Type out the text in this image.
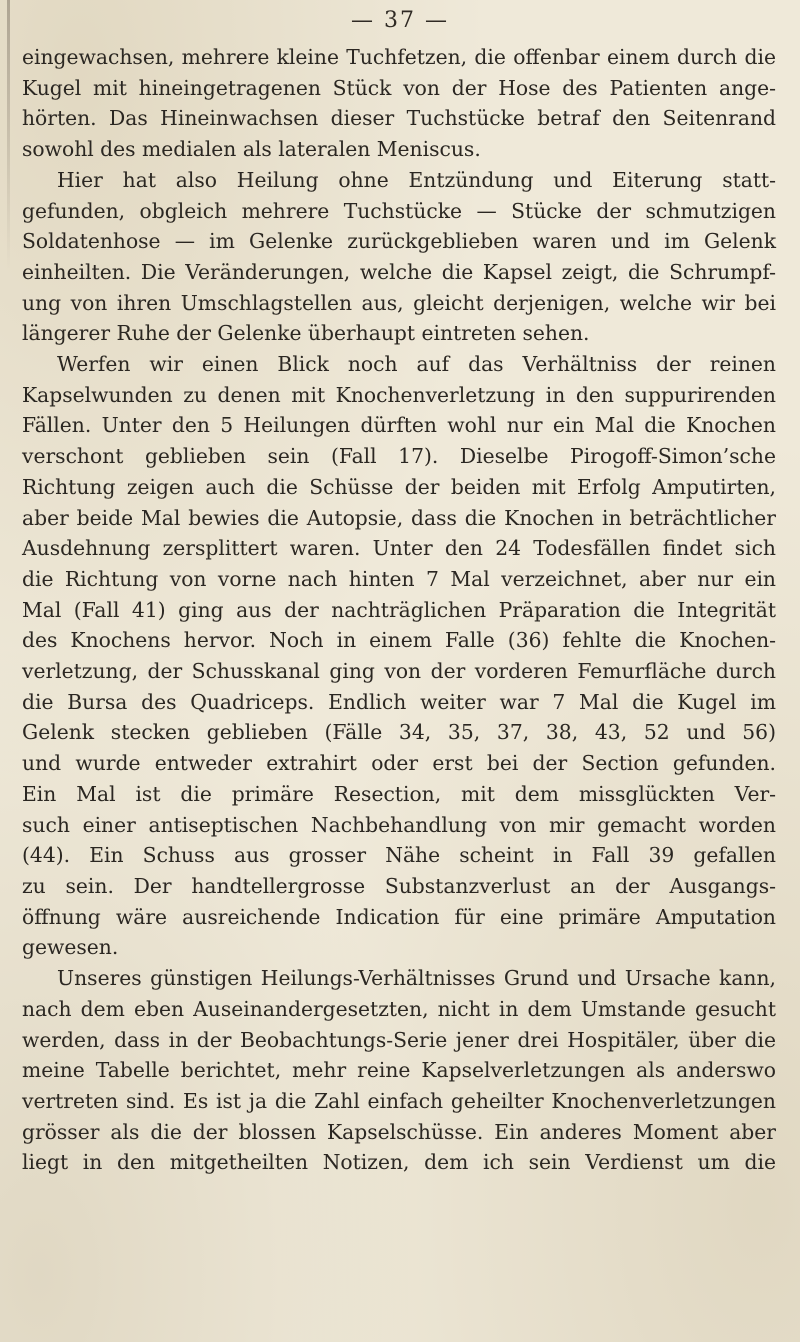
— 37 —

eingewachsen, mehrere kleine Tuchfetzen, die offenbar einem durch die
Kugel mit hineingetragenen Stück von der Hose des Patienten ange-
hörten. Das Hineinwachsen dieser Tuchstücke betraf den Seitenrand
sowohl des medialen als lateralen Meniscus.

Hier hat also Heilung ohne Entzündung und Eiterung statt-
gefunden, obgleich mehrere Tuchstücke — Stücke der schmutzigen
Soldatenhose — im Gelenke zurückgeblieben waren und im Gelenk
einheilten. Die Veränderungen, welche die Kapsel zeigt, die Schrumpf-
ung von ihren Umschlagstellen aus, gleicht derjenigen, welche wir bei
längerer Ruhe der Gelenke überhaupt eintreten sehen.

Werfen wir einen Blick noch auf das Verhältniss der reinen
Kapselwunden zu denen mit Knochenverletzung in den suppurirenden
Fällen. Unter den 5 Heilungen dürften wohl nur ein Mal die Knochen
verschont geblieben sein (Fall 17). Dieselbe Pirogoff-Simon’sche
Richtung zeigen auch die Schüsse der beiden mit Erfolg Amputirten,
aber beide Mal bewies die Autopsie, dass die Knochen in beträchtlicher
Ausdehnung zersplittert waren. Unter den 24 Todesfällen findet sich
die Richtung von vorne nach hinten 7 Mal verzeichnet, aber nur ein
Mal (Fall 41) ging aus der nachträglichen Präparation die Integrität
des Knochens hervor. Noch in einem Falle (36) fehlte die Knochen-
verletzung, der Schusskanal ging von der vorderen Femurfläche durch
die Bursa des Quadriceps. Endlich weiter war 7 Mal die Kugel im
Gelenk stecken geblieben (Fälle 34, 35, 37, 38, 43, 52 und 56)
und wurde entweder extrahirt oder erst bei der Section gefunden.
Ein Mal ist die primäre Resection, mit dem missglückten Ver-
such einer antiseptischen Nachbehandlung von mir gemacht worden
(44). Ein Schuss aus grosser Nähe scheint in Fall 39 gefallen
zu sein. Der handtellergrosse Substanzverlust an der Ausgangs-
öffnung wäre ausreichende Indication für eine primäre Amputation
gewesen.

Unseres günstigen Heilungs-Verhältnisses Grund und Ursache kann,
nach dem eben Auseinandergesetzten, nicht in dem Umstande gesucht
werden, dass in der Beobachtungs-Serie jener drei Hospitäler, über die
meine Tabelle berichtet, mehr reine Kapselverletzungen als anderswo
vertreten sind. Es ist ja die Zahl einfach geheilter Knochenverletzungen
grösser als die der blossen Kapselschüsse. Ein anderes Moment aber
liegt in den mitgetheilten Notizen, dem ich sein Verdienst um die
